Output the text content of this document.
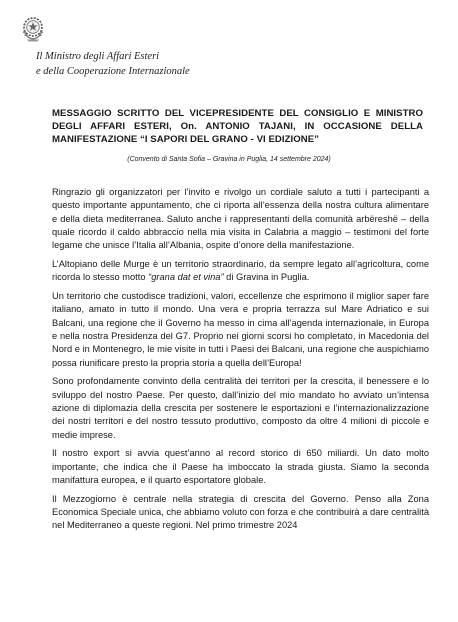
Il Ministro degli Affari Esteri
e della Cooperazione Internazionale

MESSAGGIO SCRITTO DEL VICEPRESIDENTE DEL CONSIGLIO E MINISTRO DEGLI AFFARI ESTERI, On. ANTONIO TAJANI, IN OCCASIONE DELLA MANIFESTAZIONE “I SAPORI DEL GRANO - VI EDIZIONE”

(Convento di Santa Sofia – Gravina in Puglia, 14 settembre 2024)

Ringrazio gli organizzatori per l’invito e rivolgo un cordiale saluto a tutti i partecipanti a questo importante appuntamento, che ci riporta all’essenza della nostra cultura alimentare e della dieta mediterranea. Saluto anche i rappresentanti della comunità arbëreshë – della quale ricordo il caldo abbraccio nella mia visita in Calabria a maggio – testimoni del forte legame che unisce l’Italia all’Albania, ospite d’onore della manifestazione.

L’Altopiano delle Murge è un territorio straordinario, da sempre legato all’agricoltura, come ricorda lo stesso motto “grana dat et vina” di Gravina in Puglia.

Un territorio che custodisce tradizioni, valori, eccellenze che esprimono il miglior saper fare italiano, amato in tutto il mondo. Una vera e propria terrazza sul Mare Adriatico e sui Balcani, una regione che il Governo ha messo in cima all’agenda internazionale, in Europa e nella nostra Presidenza del G7. Proprio nei giorni scorsi ho completato, in Macedonia del Nord e in Montenegro, le mie visite in tutti i Paesi dei Balcani, una regione che auspichiamo possa riunificare presto la propria storia a quella dell’Europa!

Sono profondamente convinto della centralità dei territori per la crescita, il benessere e lo sviluppo del nostro Paese. Per questo, dall’inizio del mio mandato ho avviato un’intensa azione di diplomazia della crescita per sostenere le esportazioni e l’internazionalizzazione dei nostri territori e del nostro tessuto produttivo, composto da oltre 4 milioni di piccole e medie imprese.

Il nostro export si avvia quest’anno al record storico di 650 miliardi. Un dato molto importante, che indica che il Paese ha imboccato la strada giusta. Siamo la seconda manifattura europea, e il quarto esportatore globale.

Il Mezzogiorno è centrale nella strategia di crescita del Governo. Penso alla Zona Economica Speciale unica, che abbiamo voluto con forza e che contribuirà a dare centralità nel Mediterraneo a queste regioni. Nel primo trimestre 2024
